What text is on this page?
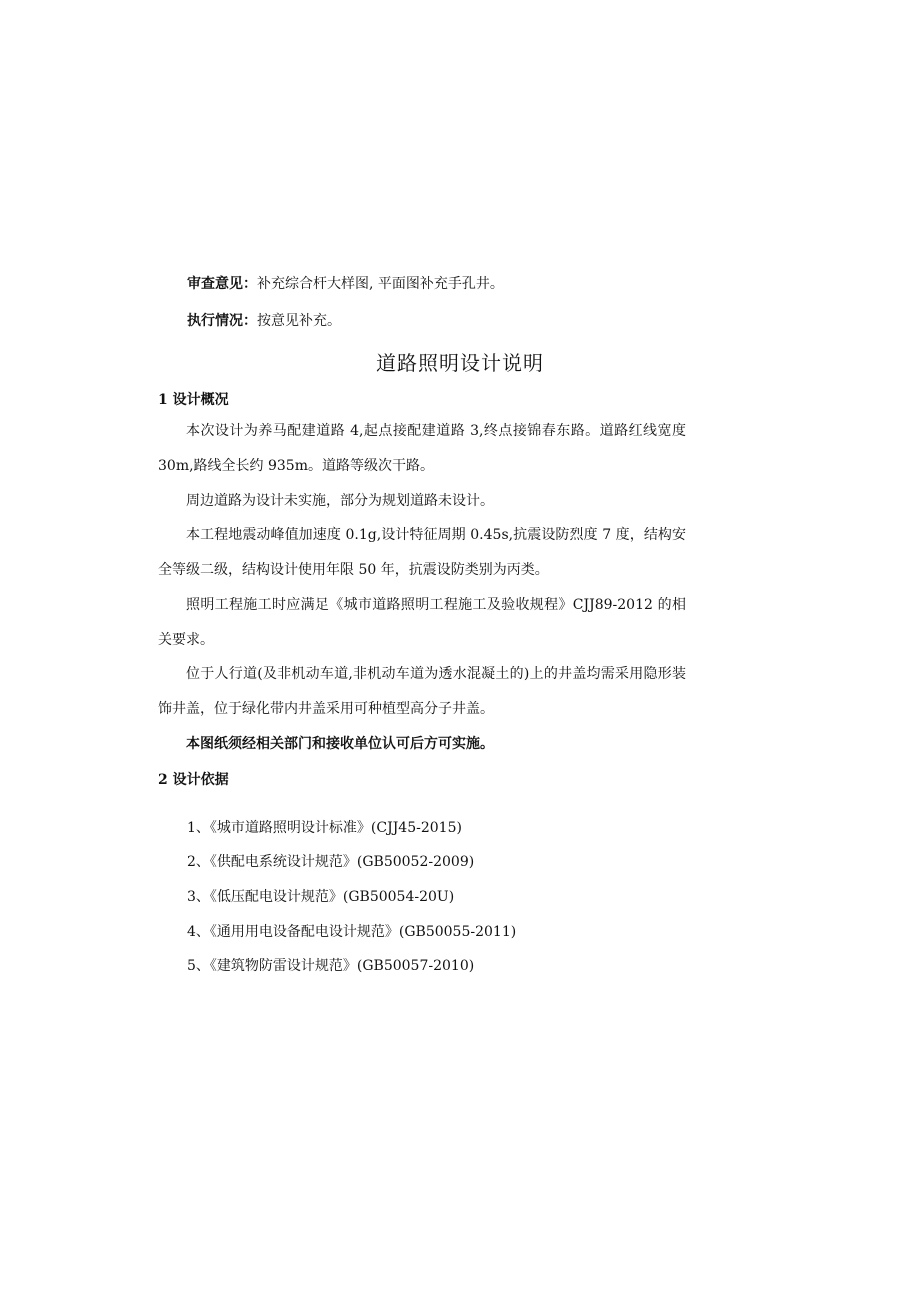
审查意见：补充综合杆大样图, 平面图补充手孔井。
执行情况：按意见补充。
道路照明设计说明
1 设计概况
本次设计为养马配建道路 4,起点接配建道路 3,终点接锦春东路。道路红线宽度 30m,路线全长约 935m。道路等级次干路。
周边道路为设计未实施，部分为规划道路未设计。
本工程地震动峰值加速度 0.1g,设计特征周期 0.45s,抗震设防烈度 7 度，结构安全等级二级，结构设计使用年限 50 年，抗震设防类别为丙类。
照明工程施工时应满足《城市道路照明工程施工及验收规程》CJJ89-2012 的相关要求。
位于人行道(及非机动车道,非机动车道为透水混凝土的)上的井盖均需采用隐形装饰井盖，位于绿化带内井盖采用可种植型高分子井盖。
本图纸须经相关部门和接收单位认可后方可实施。
2 设计依据
1、《城市道路照明设计标准》(CJJ45-2015)
2、《供配电系统设计规范》(GB50052-2009)
3、《低压配电设计规范》(GB50054-20U)
4、《通用用电设备配电设计规范》(GB50055-2011)
5、《建筑物防雷设计规范》(GB50057-2010)
